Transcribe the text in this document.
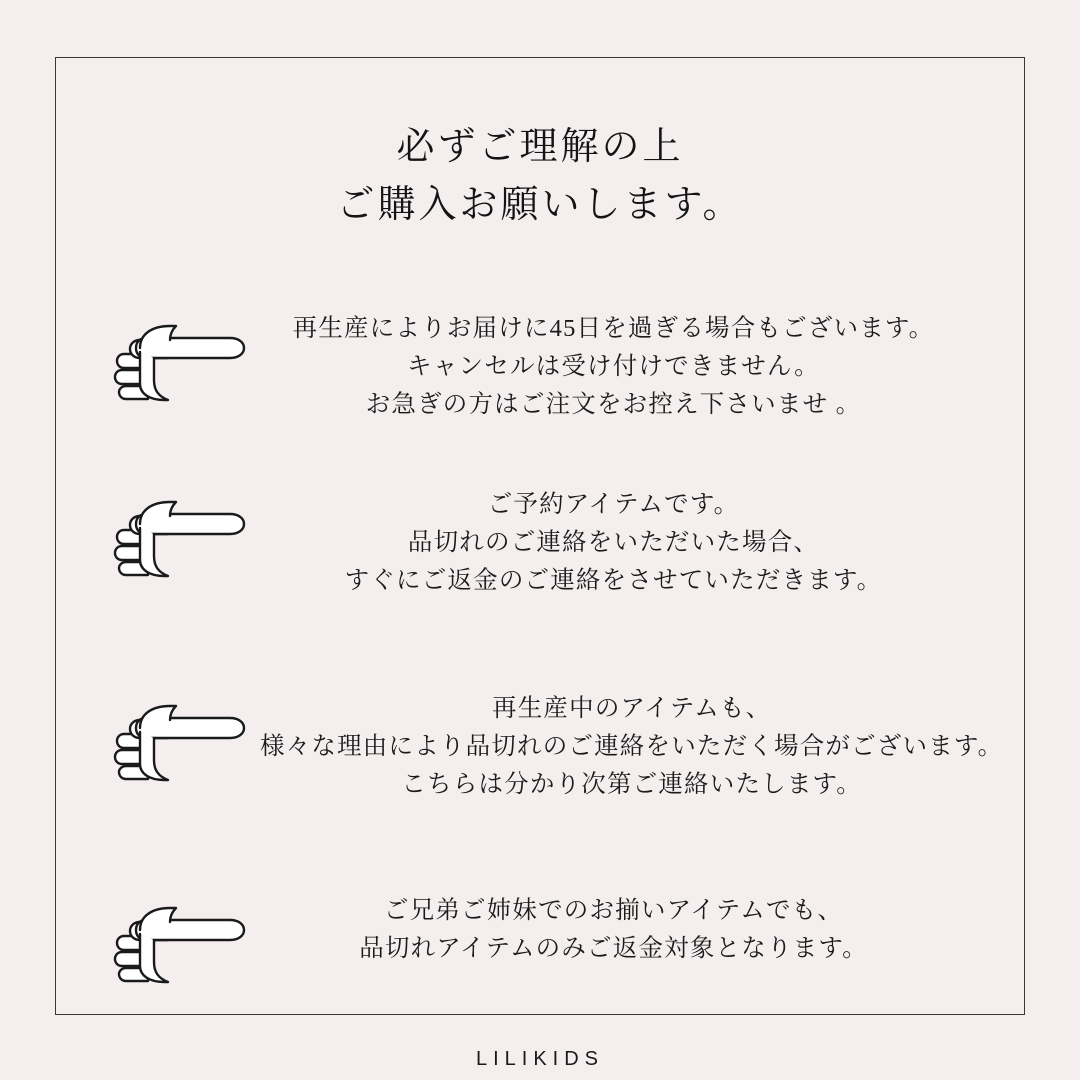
必ずご理解の上
ご購入お願いします。
再生産によりお届けに45日を過ぎる場合もございます。
キャンセルは受け付けできません。
お急ぎの方はご注文をお控え下さいませ 。
ご予約アイテムです。
品切れのご連絡をいただいた場合、
すぐにご返金のご連絡をさせていただきます。
再生産中のアイテムも、
様々な理由により品切れのご連絡をいただく場合がございます。
こちらは分かり次第ご連絡いたします。
ご兄弟ご姉妹でのお揃いアイテムでも、
品切れアイテムのみご返金対象となります。
LILIKIDS
